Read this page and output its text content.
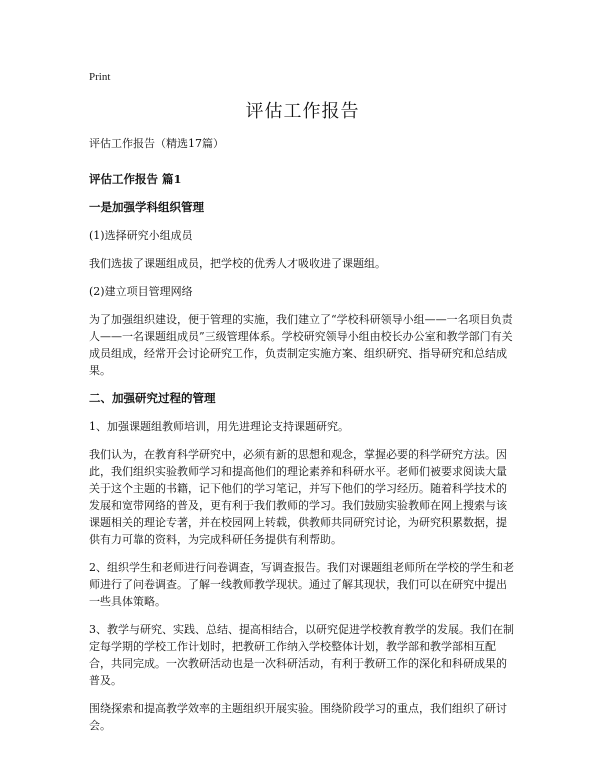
Print

评估工作报告

评估工作报告（精选17篇）

评估工作报告 篇1

一是加强学科组织管理

(1)选择研究小组成员

我们选拔了课题组成员，把学校的优秀人才吸收进了课题组。

(2)建立项目管理网络

为了加强组织建设，便于管理的实施，我们建立了“学校科研领导小组——一名项目负责人——一名课题组成员”三级管理体系。学校研究领导小组由校长办公室和教学部门有关成员组成，经常开会讨论研究工作，负责制定实施方案、组织研究、指导研究和总结成果。

二、加强研究过程的管理

1、加强课题组教师培训，用先进理论支持课题研究。

我们认为，在教育科学研究中，必须有新的思想和观念，掌握必要的科学研究方法。因此，我们组织实验教师学习和提高他们的理论素养和科研水平。老师们被要求阅读大量关于这个主题的书籍，记下他们的学习笔记，并写下他们的学习经历。随着科学技术的发展和宽带网络的普及，更有利于我们教师的学习。我们鼓励实验教师在网上搜索与该课题相关的理论专著，并在校园网上转载，供教师共同研究讨论，为研究积累数据，提供有力可靠的资料，为完成科研任务提供有利帮助。

2、组织学生和老师进行问卷调查，写调查报告。我们对课题组老师所在学校的学生和老师进行了问卷调查。了解一线教师教学现状。通过了解其现状，我们可以在研究中提出一些具体策略。

3、教学与研究、实践、总结、提高相结合，以研究促进学校教育教学的发展。我们在制定每学期的学校工作计划时，把教研工作纳入学校整体计划，教学部和教学部相互配合，共同完成。一次教研活动也是一次科研活动，有利于教研工作的深化和科研成果的普及。

围绕探索和提高教学效率的主题组织开展实验。围绕阶段学习的重点，我们组织了研讨会。
